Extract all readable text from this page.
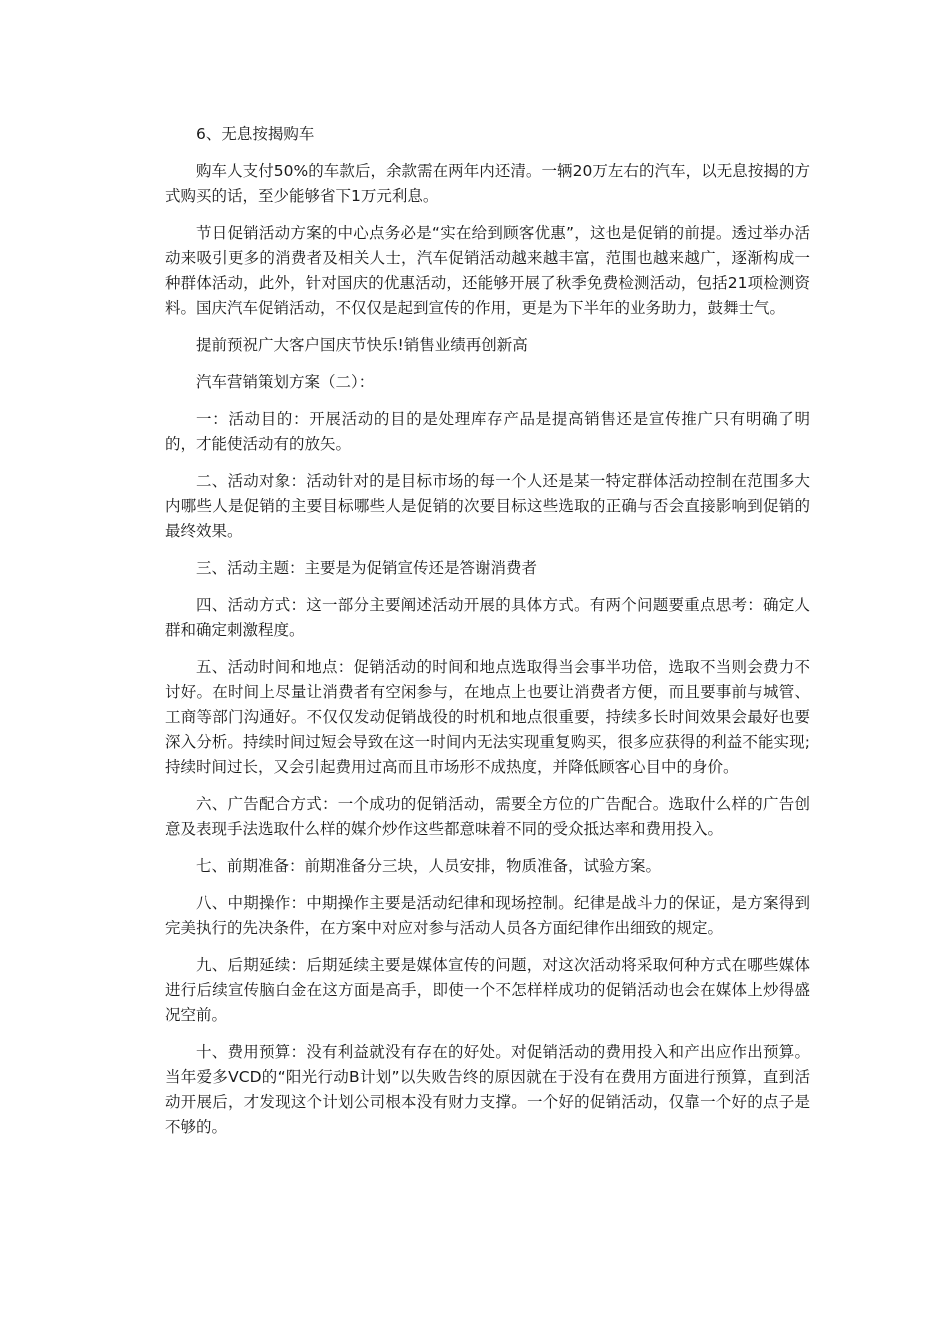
6、无息按揭购车

购车人支付50%的车款后，余款需在两年内还清。一辆20万左右的汽车，以无息按揭的方式购买的话，至少能够省下1万元利息。

节日促销活动方案的中心点务必是“实在给到顾客优惠”，这也是促销的前提。透过举办活动来吸引更多的消费者及相关人士，汽车促销活动越来越丰富，范围也越来越广，逐渐构成一种群体活动，此外，针对国庆的优惠活动，还能够开展了秋季免费检测活动，包括21项检测资料。国庆汽车促销活动，不仅仅是起到宣传的作用，更是为下半年的业务助力，鼓舞士气。

提前预祝广大客户国庆节快乐!销售业绩再创新高

汽车营销策划方案（二）：

一：活动目的：开展活动的目的是处理库存产品是提高销售还是宣传推广只有明确了明的，才能使活动有的放矢。

二、活动对象：活动针对的是目标市场的每一个人还是某一特定群体活动控制在范围多大内哪些人是促销的主要目标哪些人是促销的次要目标这些选取的正确与否会直接影响到促销的最终效果。

三、活动主题：主要是为促销宣传还是答谢消费者

四、活动方式：这一部分主要阐述活动开展的具体方式。有两个问题要重点思考：确定人群和确定刺激程度。

五、活动时间和地点：促销活动的时间和地点选取得当会事半功倍，选取不当则会费力不讨好。在时间上尽量让消费者有空闲参与，在地点上也要让消费者方便，而且要事前与城管、工商等部门沟通好。不仅仅发动促销战役的时机和地点很重要，持续多长时间效果会最好也要深入分析。持续时间过短会导致在这一时间内无法实现重复购买，很多应获得的利益不能实现;持续时间过长，又会引起费用过高而且市场形不成热度，并降低顾客心目中的身价。

六、广告配合方式：一个成功的促销活动，需要全方位的广告配合。选取什么样的广告创意及表现手法选取什么样的媒介炒作这些都意味着不同的受众抵达率和费用投入。

七、前期准备：前期准备分三块，人员安排，物质准备，试验方案。

八、中期操作：中期操作主要是活动纪律和现场控制。纪律是战斗力的保证，是方案得到完美执行的先决条件，在方案中对应对参与活动人员各方面纪律作出细致的规定。

九、后期延续：后期延续主要是媒体宣传的问题，对这次活动将采取何种方式在哪些媒体进行后续宣传脑白金在这方面是高手，即使一个不怎样样成功的促销活动也会在媒体上炒得盛况空前。

十、费用预算：没有利益就没有存在的好处。对促销活动的费用投入和产出应作出预算。当年爱多VCD的“阳光行动B计划”以失败告终的原因就在于没有在费用方面进行预算，直到活动开展后，才发现这个计划公司根本没有财力支撑。一个好的促销活动，仅靠一个好的点子是不够的。
